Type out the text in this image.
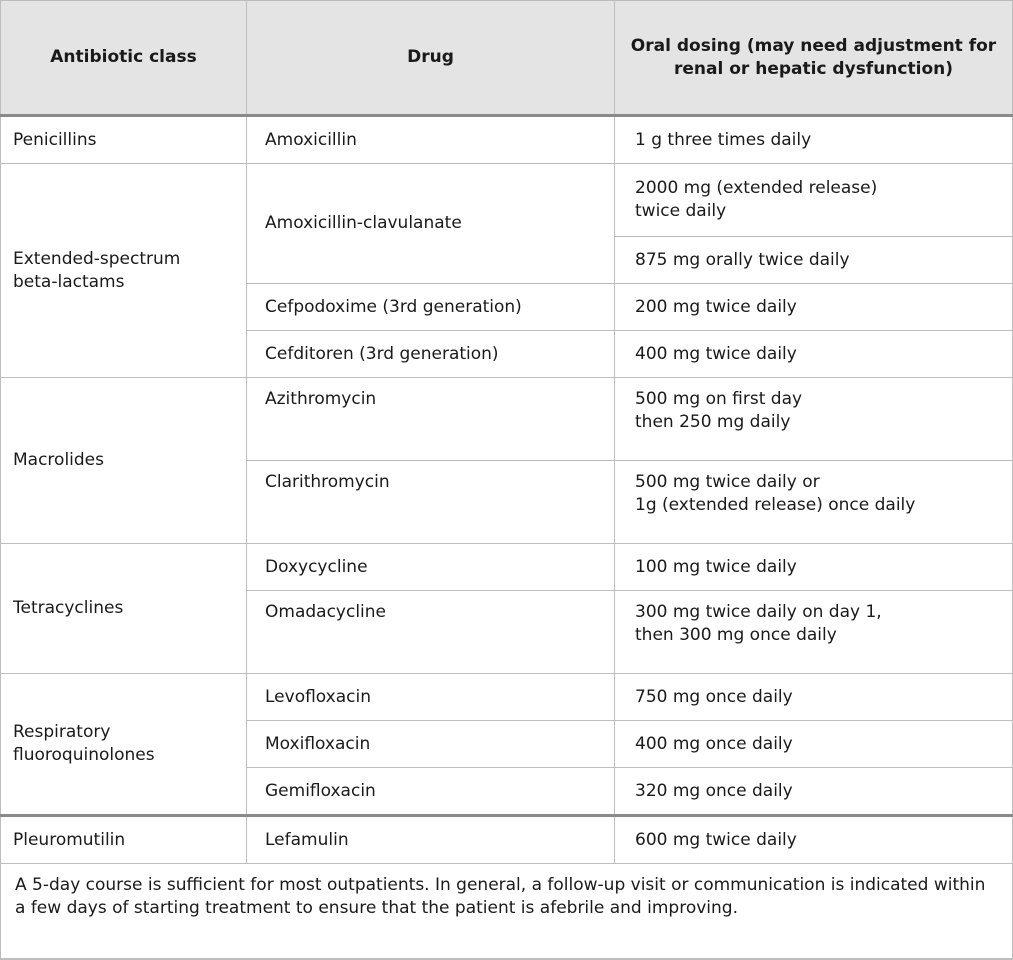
Antibiotic class	Drug	Oral dosing (may need adjustment for renal or hepatic dysfunction)

Penicillins	Amoxicillin	1 g three times daily

Extended-spectrum
beta-lactams	Amoxicillin-clavulanate	2000 mg (extended release)
twice daily

		875 mg orally twice daily

	Cefpodoxime (3rd generation)	200 mg twice daily

	Cefditoren (3rd generation)	400 mg twice daily

Macrolides	Azithromycin	500 mg on first day
then 250 mg daily

	Clarithromycin	500 mg twice daily or
1g (extended release) once daily

Tetracyclines	Doxycycline	100 mg twice daily

	Omadacycline	300 mg twice daily on day 1,
then 300 mg once daily

Respiratory
fluoroquinolones	Levofloxacin	750 mg once daily

	Moxifloxacin	400 mg once daily

	Gemifloxacin	320 mg once daily

Pleuromutilin	Lefamulin	600 mg twice daily

A 5-day course is sufficient for most outpatients. In general, a follow-up visit or communication is indicated within a few days of starting treatment to ensure that the patient is afebrile and improving.		
